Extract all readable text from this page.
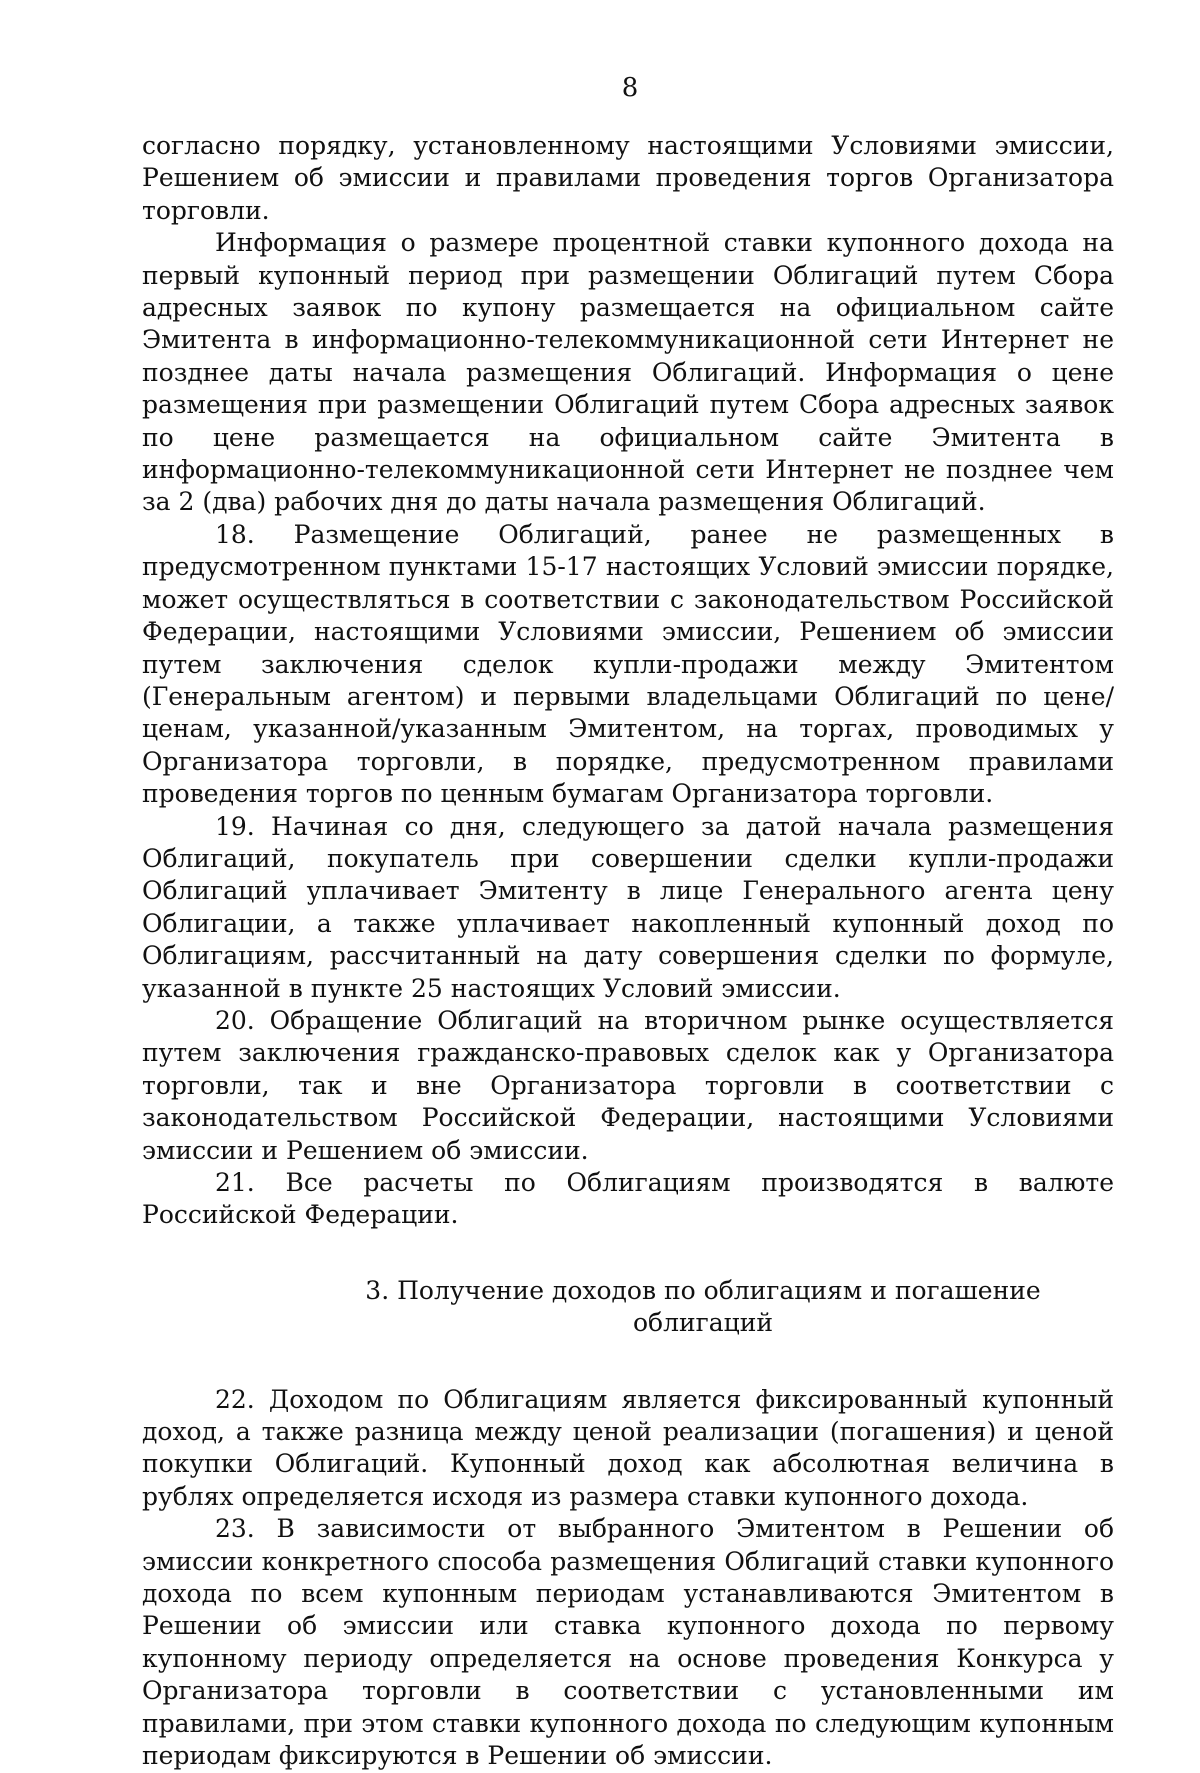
8

согласно порядку, установленному настоящими Условиями эмиссии, Решением об эмиссии и правилами проведения торгов Организатора торговли.

Информация о размере процентной ставки купонного дохода на первый купонный период при размещении Облигаций путем Сбора адресных заявок по купону размещается на официальном сайте Эмитента в информационно-телекоммуникационной сети Интернет не позднее даты начала размещения Облигаций. Информация о цене размещения при размещении Облигаций путем Сбора адресных заявок по цене размещается на официальном сайте Эмитента в информационно-телекоммуникационной сети Интернет не позднее чем за 2 (два) рабочих дня до даты начала размещения Облигаций.

18. Размещение Облигаций, ранее не размещенных в предусмотренном пунктами 15-17 настоящих Условий эмиссии порядке, может осуществляться в соответствии с законодательством Российской Федерации, настоящими Условиями эмиссии, Решением об эмиссии путем заключения сделок купли-продажи между Эмитентом (Генеральным агентом) и первыми владельцами Облигаций по цене/ценам, указанной/указанным Эмитентом, на торгах, проводимых у Организатора торговли, в порядке, предусмотренном правилами проведения торгов по ценным бумагам Организатора торговли.

19. Начиная со дня, следующего за датой начала размещения Облигаций, покупатель при совершении сделки купли-продажи Облигаций уплачивает Эмитенту в лице Генерального агента цену Облигации, а также уплачивает накопленный купонный доход по Облигациям, рассчитанный на дату совершения сделки по формуле, указанной в пункте 25 настоящих Условий эмиссии.

20. Обращение Облигаций на вторичном рынке осуществляется путем заключения гражданско-правовых сделок как у Организатора торговли, так и вне Организатора торговли в соответствии с законодательством Российской Федерации, настоящими Условиями эмиссии и Решением об эмиссии.

21. Все расчеты по Облигациям производятся в валюте Российской Федерации.

3. Получение доходов по облигациям и погашение облигаций

22. Доходом по Облигациям является фиксированный купонный доход, а также разница между ценой реализации (погашения) и ценой покупки Облигаций. Купонный доход как абсолютная величина в рублях определяется исходя из размера ставки купонного дохода.

23. В зависимости от выбранного Эмитентом в Решении об эмиссии конкретного способа размещения Облигаций ставки купонного дохода по всем купонным периодам устанавливаются Эмитентом в Решении об эмиссии или ставка купонного дохода по первому купонному периоду определяется на основе проведения Конкурса у Организатора торговли в соответствии с установленными им правилами, при этом ставки купонного дохода по следующим купонным периодам фиксируются в Решении об эмиссии.
